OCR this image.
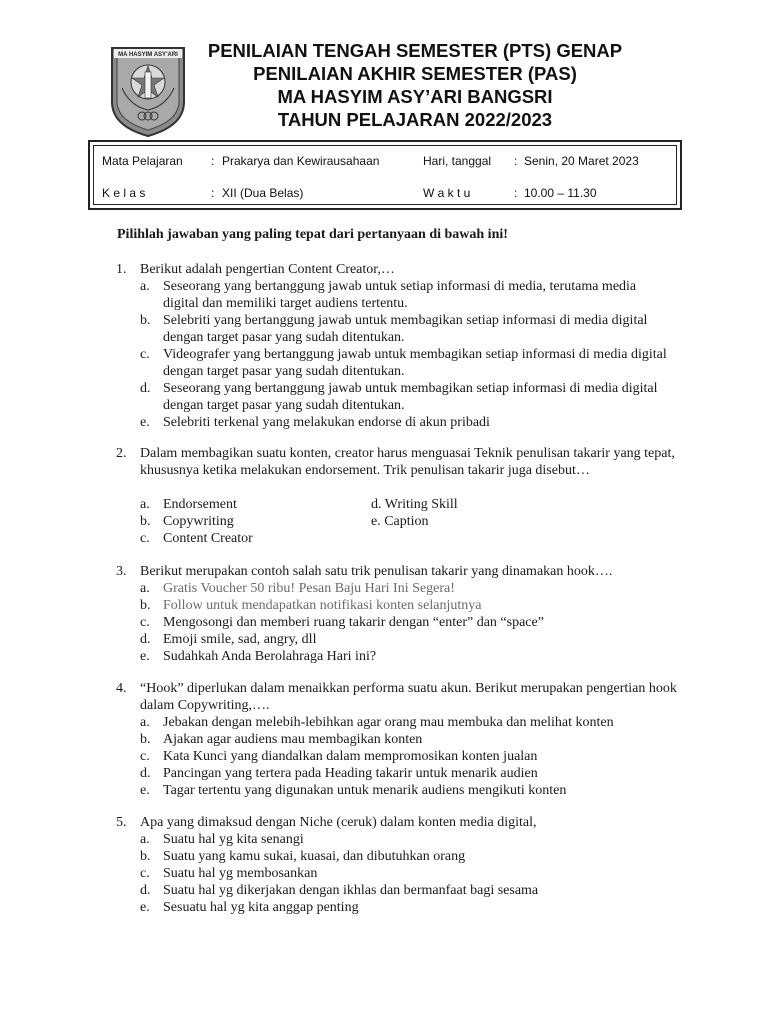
MA HASYIM ASY'ARI	PENILAIAN TENGAH SEMESTER (PTS) GENAP
PENILAIAN AKHIR SEMESTER (PAS)
MA HASYIM ASY’ARI BANGSRI
TAHUN PELAJARAN 2022/2023
Mata Pelajaran : Prakarya dan Kewirausahaan	Hari, tanggal : Senin, 20 Maret 2023
K e l a s	: XII (Dua Belas)	W a k t u	: 10.00 – 11.30
Pilihlah jawaban yang paling tepat dari pertanyaan di bawah ini!
1. Berikut adalah pengertian Content Creator,…
a. Seseorang yang bertanggung jawab untuk setiap informasi di media, terutama media digital dan memiliki target audiens tertentu.
b. Selebriti yang bertanggung jawab untuk membagikan setiap informasi di media digital dengan target pasar yang sudah ditentukan.
c. Videografer yang bertanggung jawab untuk membagikan setiap informasi di media digital dengan target pasar yang sudah ditentukan.
d. Seseorang yang bertanggung jawab untuk membagikan setiap informasi di media digital dengan target pasar yang sudah ditentukan.
e. Selebriti terkenal yang melakukan endorse di akun pribadi
2. Dalam membagikan suatu konten, creator harus menguasai Teknik penulisan takarir yang tepat, khususnya ketika melakukan endorsement. Trik penulisan takarir juga disebut…
a. Endorsement
b. Copywriting
c. Content Creator
d. Writing Skill
e. Caption
3. Berikut merupakan contoh salah satu trik penulisan takarir yang dinamakan hook….
a. Gratis Voucher 50 ribu! Pesan Baju Hari Ini Segera!
b. Follow untuk mendapatkan notifikasi konten selanjutnya
c. Mengosongi dan memberi ruang takarir dengan “enter” dan “space”
d. Emoji smile, sad, angry, dll
e. Sudahkah Anda Berolahraga Hari ini?
4. “Hook” diperlukan dalam menaikkan performa suatu akun. Berikut merupakan pengertian hook dalam Copywriting,….
a. Jebakan dengan melebih-lebihkan agar orang mau membuka dan melihat konten
b. Ajakan agar audiens mau membagikan konten
c. Kata Kunci yang diandalkan dalam mempromosikan konten jualan
d. Pancingan yang tertera pada Heading takarir untuk menarik audien
e. Tagar tertentu yang digunakan untuk menarik audiens mengikuti konten
5. Apa yang dimaksud dengan Niche (ceruk) dalam konten media digital,
a. Suatu hal yg kita senangi
b. Suatu yang kamu sukai, kuasai, dan dibutuhkan orang
c. Suatu hal yg membosankan
d. Suatu hal yg dikerjakan dengan ikhlas dan bermanfaat bagi sesama
e. Sesuatu hal yg kita anggap penting
